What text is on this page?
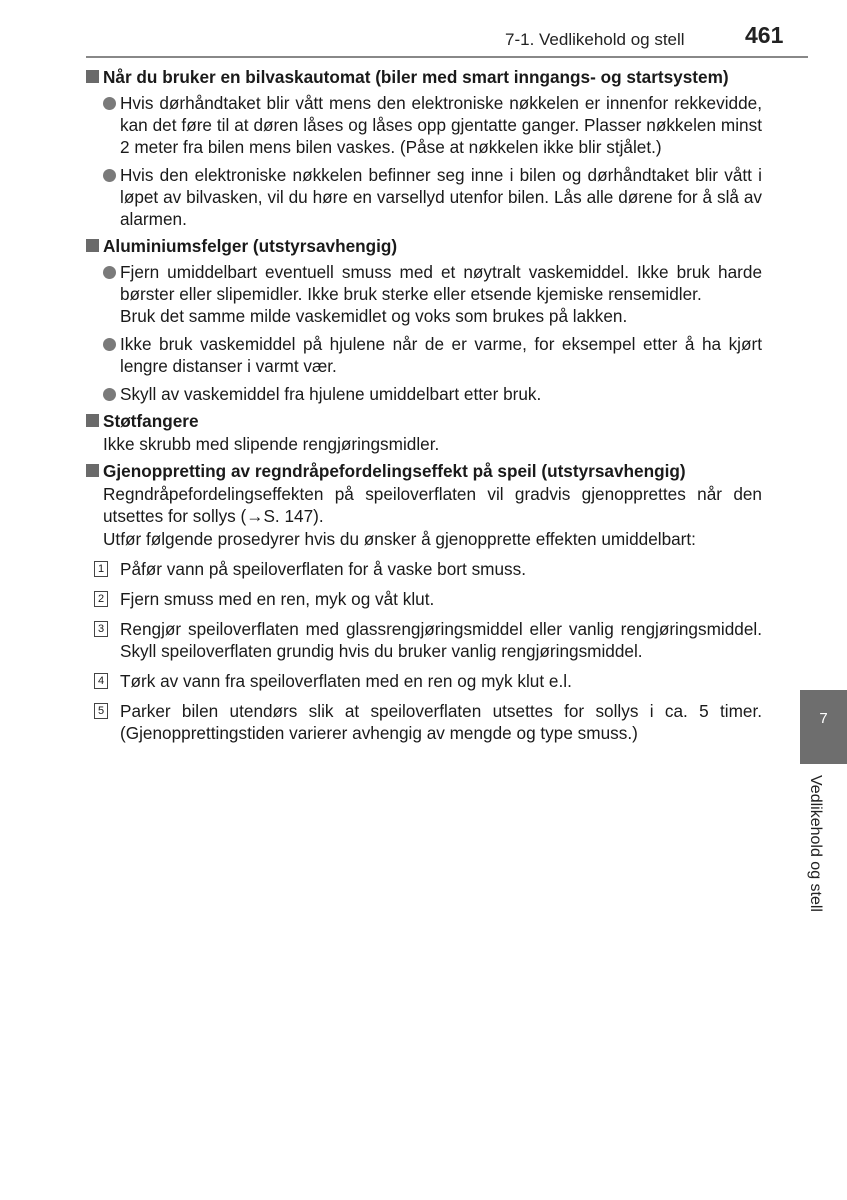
7-1. Vedlikehold og stell	461
7
Vedlikehold og stell
Når du bruker en bilvaskautomat (biler med smart inngangs- og startsystem)
Hvis dørhåndtaket blir vått mens den elektroniske nøkkelen er innenfor rekkevidde, kan det føre til at døren låses og låses opp gjentatte ganger. Plasser nøkkelen minst 2 meter fra bilen mens bilen vaskes. (Påse at nøkkelen ikke blir stjålet.)
Hvis den elektroniske nøkkelen befinner seg inne i bilen og dørhåndtaket blir vått i løpet av bilvasken, vil du høre en varsellyd utenfor bilen. Lås alle dørene for å slå av alarmen.
Aluminiumsfelger (utstyrsavhengig)
Fjern umiddelbart eventuell smuss med et nøytralt vaskemiddel. Ikke bruk harde børster eller slipemidler. Ikke bruk sterke eller etsende kjemiske rensemidler.
Bruk det samme milde vaskemidlet og voks som brukes på lakken.
Ikke bruk vaskemiddel på hjulene når de er varme, for eksempel etter å ha kjørt lengre distanser i varmt vær.
Skyll av vaskemiddel fra hjulene umiddelbart etter bruk.
Støtfangere
Ikke skrubb med slipende rengjøringsmidler.
Gjenoppretting av regndråpefordelingseffekt på speil (utstyrsavhengig)
Regndråpefordelingseffekten på speiloverflaten vil gradvis gjenopprettes når den utsettes for sollys (→S. 147).
Utfør følgende prosedyrer hvis du ønsker å gjenopprette effekten umiddelbart:
1 Påfør vann på speiloverflaten for å vaske bort smuss.
2 Fjern smuss med en ren, myk og våt klut.
3 Rengjør speiloverflaten med glassrengjøringsmiddel eller vanlig rengjøringsmiddel. Skyll speiloverflaten grundig hvis du bruker vanlig rengjøringsmiddel.
4 Tørk av vann fra speiloverflaten med en ren og myk klut e.l.
5 Parker bilen utendørs slik at speiloverflaten utsettes for sollys i ca. 5 timer. (Gjenopprettingstiden varierer avhengig av mengde og type smuss.)
